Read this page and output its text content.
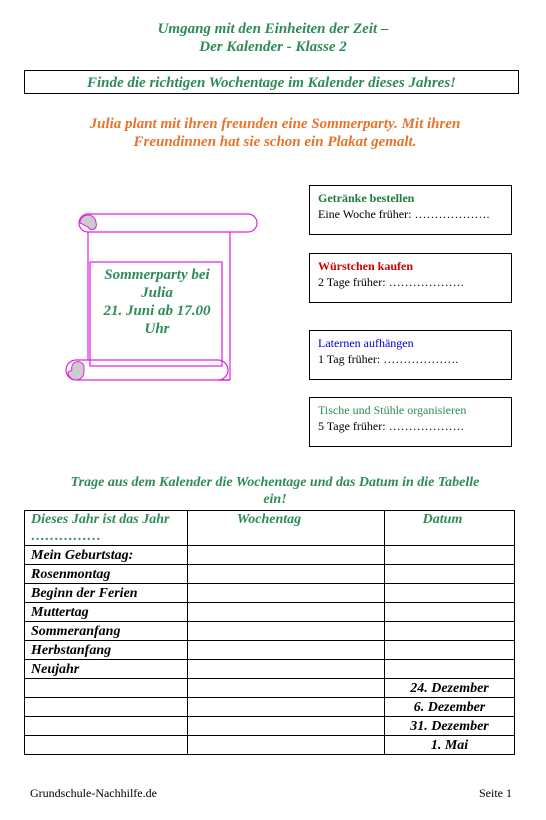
Umgang mit den Einheiten der Zeit –
Der Kalender - Klasse 2
Finde die richtigen Wochentage im Kalender dieses Jahres!
Julia plant mit ihren freunden eine Sommerparty. Mit ihren
Freundinnen hat sie schon ein Plakat gemalt.
Sommerparty bei
Julia
21. Juni ab 17.00
Uhr
Getränke bestellen
Eine Woche früher: ……………….
Würstchen kaufen
2 Tage früher: ……………….
Laternen aufhängen
1 Tag früher: ……………….
Tische und Stühle organisieren
5 Tage früher: ……………….
Trage aus dem Kalender die Wochentage und das Datum in die Tabelle
ein!
Dieses Jahr ist das Jahr ……………	Wochentag	Datum
Mein Geburtstag:		
Rosenmontag		
Beginn der Ferien		
Muttertag		
Sommeranfang		
Herbstanfang		
Neujahr		
		24. Dezember
		6. Dezember
		31. Dezember
		1. Mai
Grundschule-Nachhilfe.de	Seite 1
